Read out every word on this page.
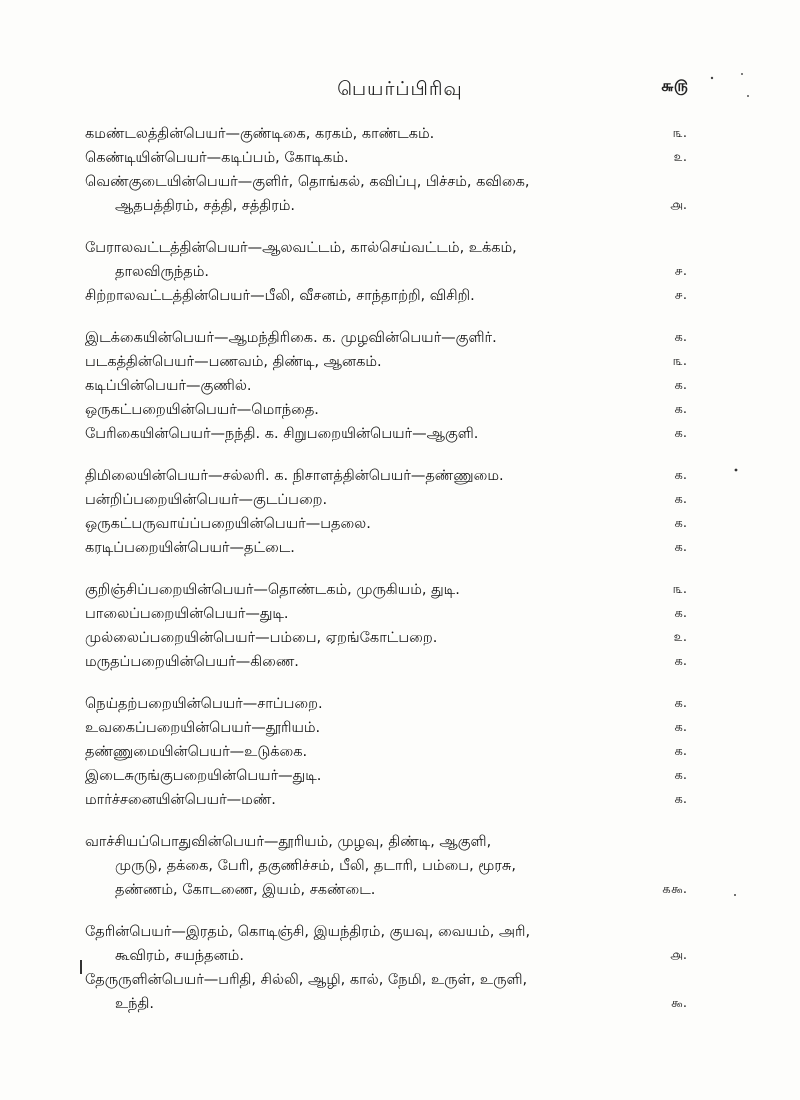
பெயர்ப்பிரிவு	௬௫
கமண்டலத்தின்பெயர்—குண்டிகை, கரகம், காண்டகம்.	௩.
கெண்டியின்பெயர்—கடிப்பம், கோடிகம்.	௨.
வெண்குடையின்பெயர்—குளிர், தொங்கல், கவிப்பு, பிச்சம், கவிகை,
ஆதபத்திரம், சத்தி, சத்திரம்.	௮.
பேராலவட்டத்தின்பெயர்—ஆலவட்டம், கால்செய்வட்டம், உக்கம்,
தாலவிருந்தம்.	௪.
சிற்றாலவட்டத்தின்பெயர்—பீலி, வீசனம், சாந்தாற்றி, விசிறி.	௪.
இடக்கையின்பெயர்—ஆமந்திரிகை. க. முழவின்பெயர்—குளிர்.	க.
படகத்தின்பெயர்—பணவம், திண்டி, ஆனகம்.	௩.
கடிப்பின்பெயர்—குணில்.	க.
ஒருகட்பறையின்பெயர்—மொந்தை.	க.
பேரிகையின்பெயர்—நந்தி. க. சிறுபறையின்பெயர்—ஆகுளி.	க.
திமிலையின்பெயர்—சல்லரி. க. நிசாளத்தின்பெயர்—தண்ணுமை.	க.
பன்றிப்பறையின்பெயர்—குடப்பறை.	க.
ஒருகட்பருவாய்ப்பறையின்பெயர்—பதலை.	க.
கரடிப்பறையின்பெயர்—தட்டை.	க.
குறிஞ்சிப்பறையின்பெயர்—தொண்டகம், முருகியம், துடி.	௩.
பாலைப்பறையின்பெயர்—துடி.	க.
முல்லைப்பறையின்பெயர்—பம்பை, ஏறங்கோட்பறை.	௨.
மருதப்பறையின்பெயர்—கிணை.	க.
நெய்தற்பறையின்பெயர்—சாப்பறை.	க.
உவகைப்பறையின்பெயர்—தூரியம்.	க.
தண்ணுமையின்பெயர்—உடுக்கை.	க.
இடைசுருங்குபறையின்பெயர்—துடி.	க.
மார்ச்சனையின்பெயர்—மண்.	க.
வாச்சியப்பொதுவின்பெயர்—தூரியம், முழவு, திண்டி, ஆகுளி,
முருடு, தக்கை, பேரி, தகுணிச்சம், பீலி, தடாரி, பம்பை, மூரசு,
தண்ணம், கோடணை, இயம், சகண்டை.	௧௯.
தேரின்பெயர்—இரதம், கொடிஞ்சி, இயந்திரம், குயவு, வையம், அரி,
கூவிரம், சயந்தனம்.	௮.
தேருருளின்பெயர்—பரிதி, சில்லி, ஆழி, கால், நேமி, உருள், உருளி,
உந்தி.	௯.
